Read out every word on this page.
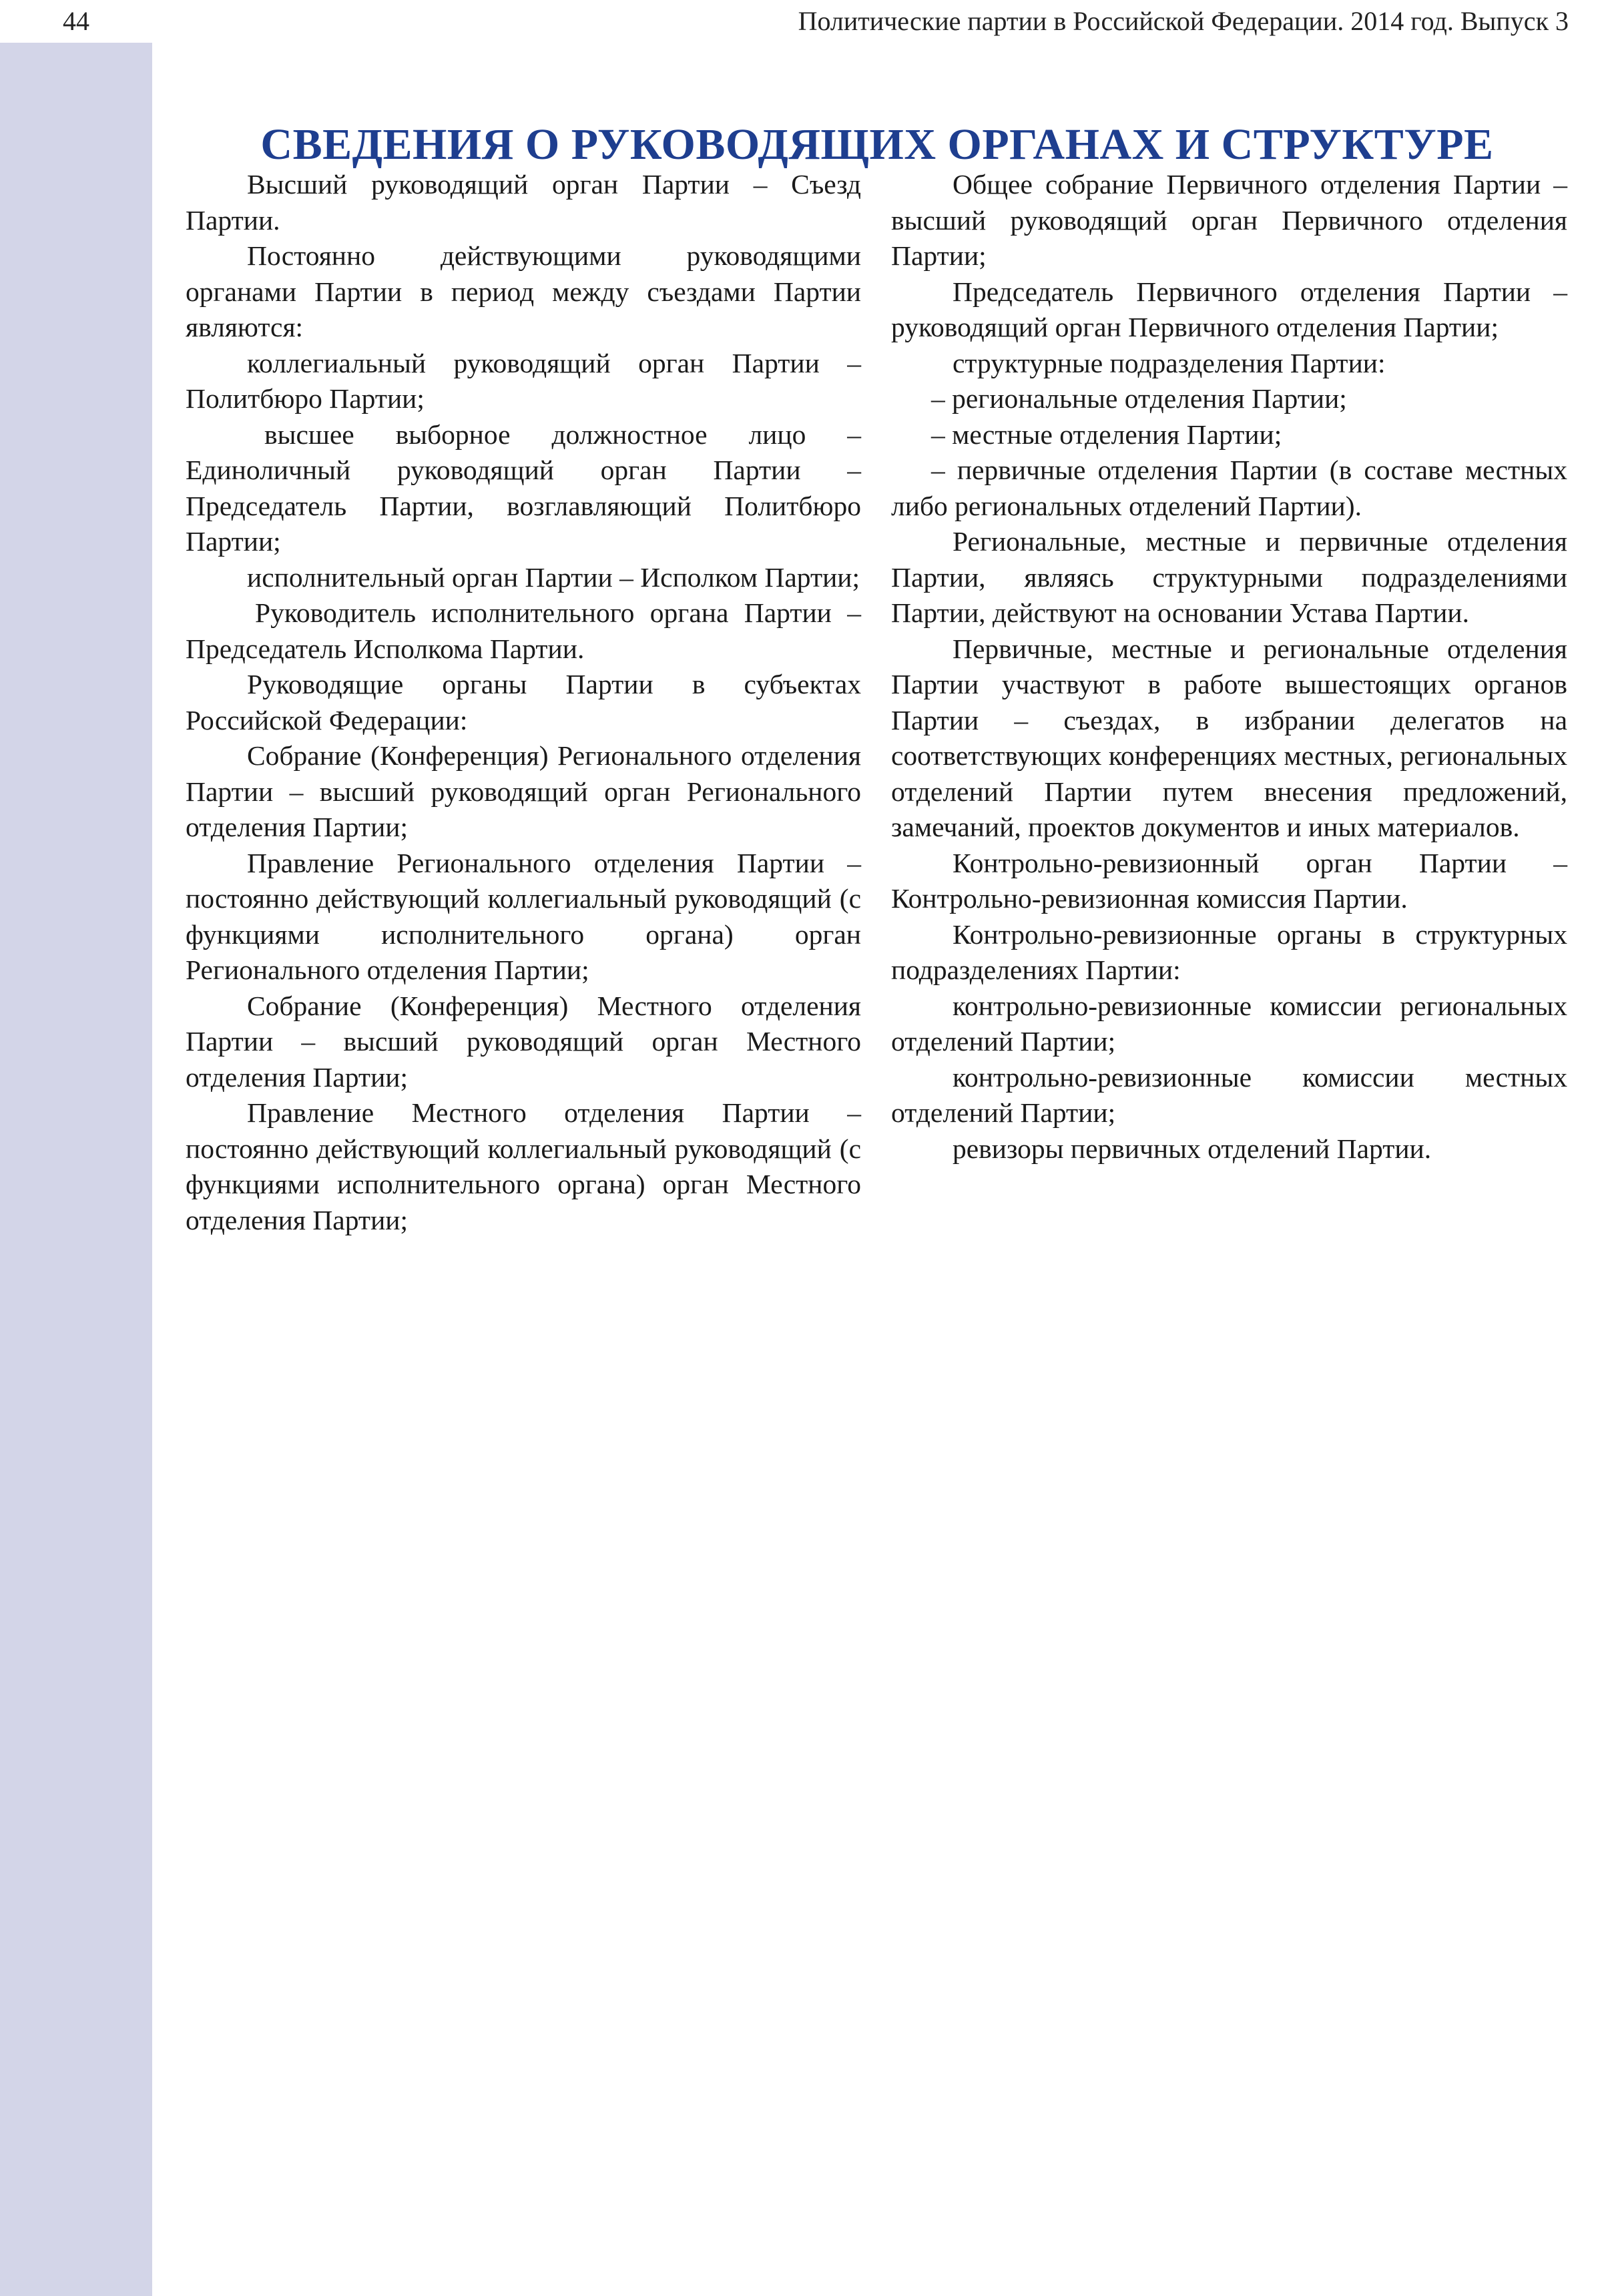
44	Политические партии в Российской Федерации. 2014 год. Выпуск 3
СВЕДЕНИЯ О РУКОВОДЯЩИХ ОРГАНАХ И СТРУКТУРЕ

Высший руководящий орган Партии – Съезд Партии.

Постоянно действующими руководящими органами Партии в период между съездами Партии являются:

коллегиальный руководящий орган Партии – Политбюро Партии;

высшее выборное должностное лицо – Единоличный руководящий орган Партии – Председатель Партии, возглавляющий Политбюро Партии;

исполнительный орган Партии – Исполком Партии;

Руководитель исполнительного органа Партии – Председатель Исполкома Партии.

Руководящие органы Партии в субъектах Российской Федерации:

Собрание (Конференция) Регионального отделения Партии – высший руководящий орган Регионального отделения Партии;

Правление Регионального отделения Партии – постоянно действующий коллегиальный руководящий (с функциями исполнительного органа) орган Регионального отделения Партии;

Собрание (Конференция) Местного отделения Партии – высший руководящий орган Местного отделения Партии;

Правление Местного отделения Партии – постоянно действующий коллегиальный руководящий (с функциями исполнительного органа) орган Местного отделения Партии;

Общее собрание Первичного отделения Партии – высший руководящий орган Первичного отделения Партии;

Председатель Первичного отделения Партии – руководящий орган Первичного отделения Партии;

структурные подразделения Партии:

– региональные отделения Партии;

– местные отделения Партии;

– первичные отделения Партии (в составе местных либо региональных отделений Партии).

Региональные, местные и первичные отделения Партии, являясь структурными подразделениями Партии, действуют на основании Устава Партии.

Первичные, местные и региональные отделения Партии участвуют в работе вышестоящих органов Партии – съездах, в избрании делегатов на соответствующих конференциях местных, региональных отделений Партии путем внесения предложений, замечаний, проектов документов и иных материалов.

Контрольно-ревизионный орган Партии – Контрольно-ревизионная комиссия Партии.

Контрольно-ревизионные органы в структурных подразделениях Партии:

контрольно-ревизионные комиссии региональных отделений Партии;

контрольно-ревизионные комиссии местных отделений Партии;

ревизоры первичных отделений Партии.
